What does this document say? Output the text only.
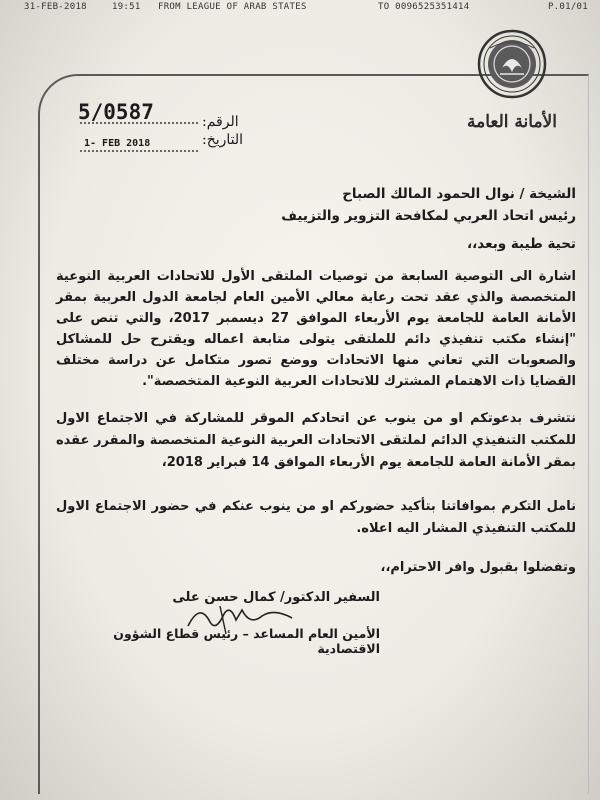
31-FEB-2018	19:51 FROM LEAGUE OF ARAB STATES	TO 0096525351414	P.01/01
الأمانة العامة
5/0587	الرقم:
1- FEB 2018	التاريخ:
الشيخة / نوال الحمود المالك الصباح
رئيس اتحاد العربي لمكافحة التزوير والتزييف
تحية طيبة وبعد،،
اشارة الى التوصية السابعة من توصيات الملتقى الأول للاتحادات العربية النوعية المتخصصة والذي عقد تحت رعاية معالي الأمين العام لجامعة الدول العربية بمقر الأمانة العامة للجامعة يوم الأربعاء الموافق 27 ديسمبر 2017، والتي تنص على "إنشاء مكتب تنفيذي دائم للملتقى يتولى متابعة اعماله ويقترح حل للمشاكل والصعوبات التي تعاني منها الاتحادات ووضع تصور متكامل عن دراسة مختلف القضايا ذات الاهتمام المشترك للاتحادات العربية النوعية المتخصصة".
نتشرف بدعوتكم او من ينوب عن اتحادكم الموقر للمشاركة في الاجتماع الاول للمكتب التنفيذي الدائم لملتقى الاتحادات العربية النوعية المتخصصة والمقرر عقده بمقر الأمانة العامة للجامعة يوم الأربعاء الموافق 14 فبراير 2018،
نامل التكرم بموافاتنا بتأكيد حضوركم او من ينوب عنكم في حضور الاجتماع الاول للمكتب التنفيذي المشار اليه اعلاه.
وتفضلوا بقبول وافر الاحترام،،
السفير الدكتور/ كمال حسن على
الأمين العام المساعد – رئيس قطاع الشؤون الاقتصادية
